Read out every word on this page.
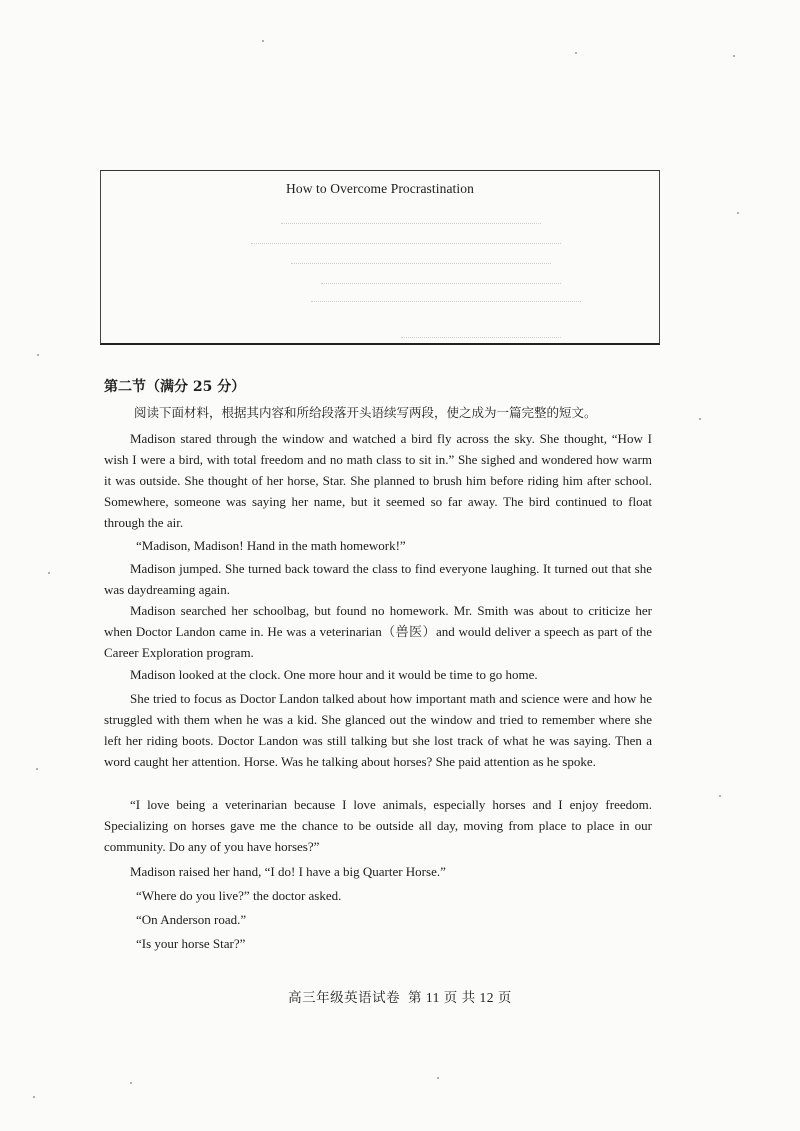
How to Overcome Procrastination
第二节（满分 25 分）

阅读下面材料，根据其内容和所给段落开头语续写两段，使之成为一篇完整的短文。

Madison stared through the window and watched a bird fly across the sky. She thought, “How I wish I were a bird, with total freedom and no math class to sit in.” She sighed and wondered how warm it was outside. She thought of her horse, Star. She planned to brush him before riding him after school. Somewhere, someone was saying her name, but it seemed so far away. The bird continued to float through the air.

“Madison, Madison! Hand in the math homework!”

Madison jumped. She turned back toward the class to find everyone laughing. It turned out that she was daydreaming again.

Madison searched her schoolbag, but found no homework. Mr. Smith was about to criticize her when Doctor Landon came in. He was a veterinarian（兽医）and would deliver a speech as part of the Career Exploration program.

Madison looked at the clock. One more hour and it would be time to go home.

She tried to focus as Doctor Landon talked about how important math and science were and how he struggled with them when he was a kid. She glanced out the window and tried to remember where she left her riding boots. Doctor Landon was still talking but she lost track of what he was saying. Then a word caught her attention. Horse. Was he talking about horses? She paid attention as he spoke.

“I love being a veterinarian because I love animals, especially horses and I enjoy freedom. Specializing on horses gave me the chance to be outside all day, moving from place to place in our community. Do any of you have horses?”

Madison raised her hand, “I do! I have a big Quarter Horse.”

“Where do you live?” the doctor asked.

“On Anderson road.”

“Is your horse Star?”

高三年级英语试卷 第 11 页 共 12 页
